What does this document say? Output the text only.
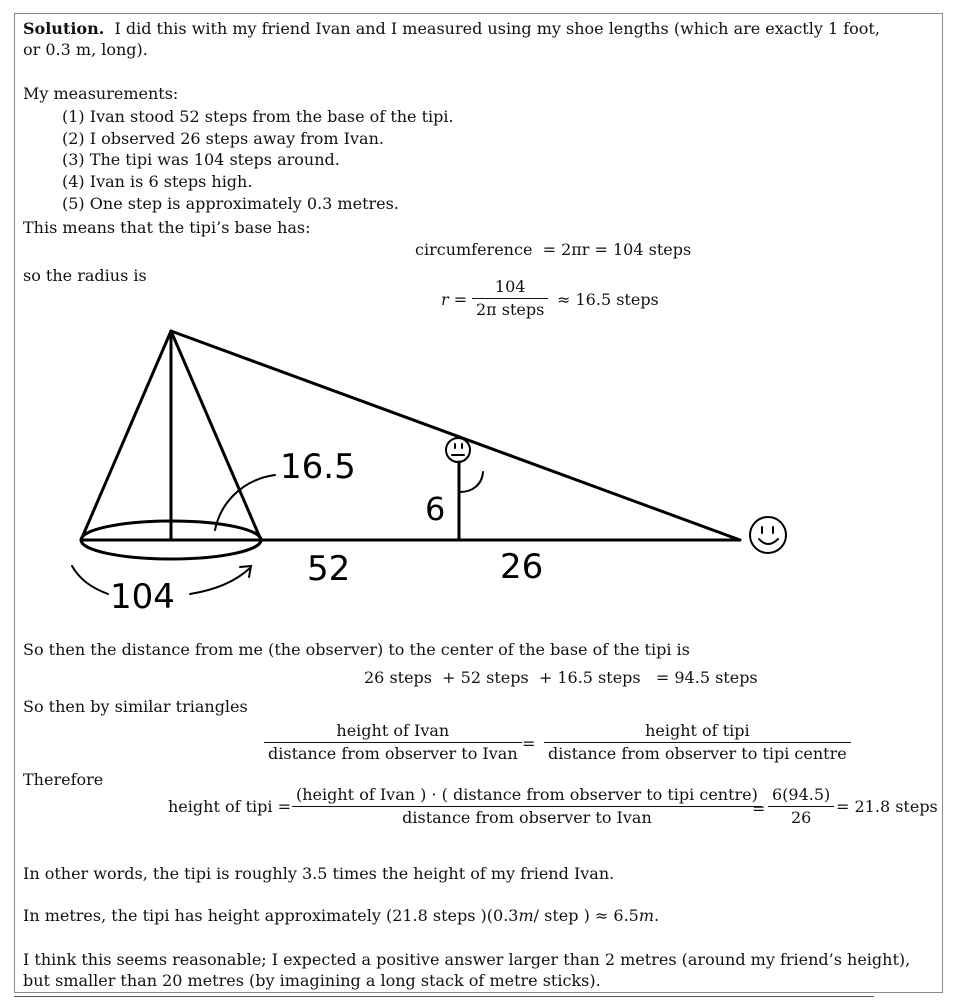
Solution. I did this with my friend Ivan and I measured using my shoe lengths (which are exactly 1 foot,
or 0.3 m, long).
My measurements:
(1) Ivan stood 52 steps from the base of the tipi.
(2) I observed 26 steps away from Ivan.
(3) The tipi was 104 steps around.
(4) Ivan is 6 steps high.
(5) One step is approximately 0.3 metres.
This means that the tipi’s base has:
circumference = 2πr = 104 steps
so the radius is
r =
104
2π steps
≈ 16.5 steps
16.5
6
52	26
104
So then the distance from me (the observer) to the center of the base of the tipi is
26 steps  + 52 steps  + 16.5 steps   = 94.5 steps
So then by similar triangles
height of Ivan
distance from observer to Ivan
=
height of tipi
distance from observer to tipi centre
Therefore
height of tipi =
(height of Ivan ) · ( distance from observer to tipi centre)
distance from observer to Ivan	= $\frac{6(94.5)}{26} = 21.8$ steps
In other words, the tipi is roughly 3.5 times the height of my friend Ivan.
In metres, the tipi has height approximately (21.8 steps )(0.3m/ step ) ≈ 6.5m.
I think this seems reasonable; I expected a positive answer larger than 2 metres (around my friend’s height),
but smaller than 20 metres (by imagining a long stack of metre sticks).
